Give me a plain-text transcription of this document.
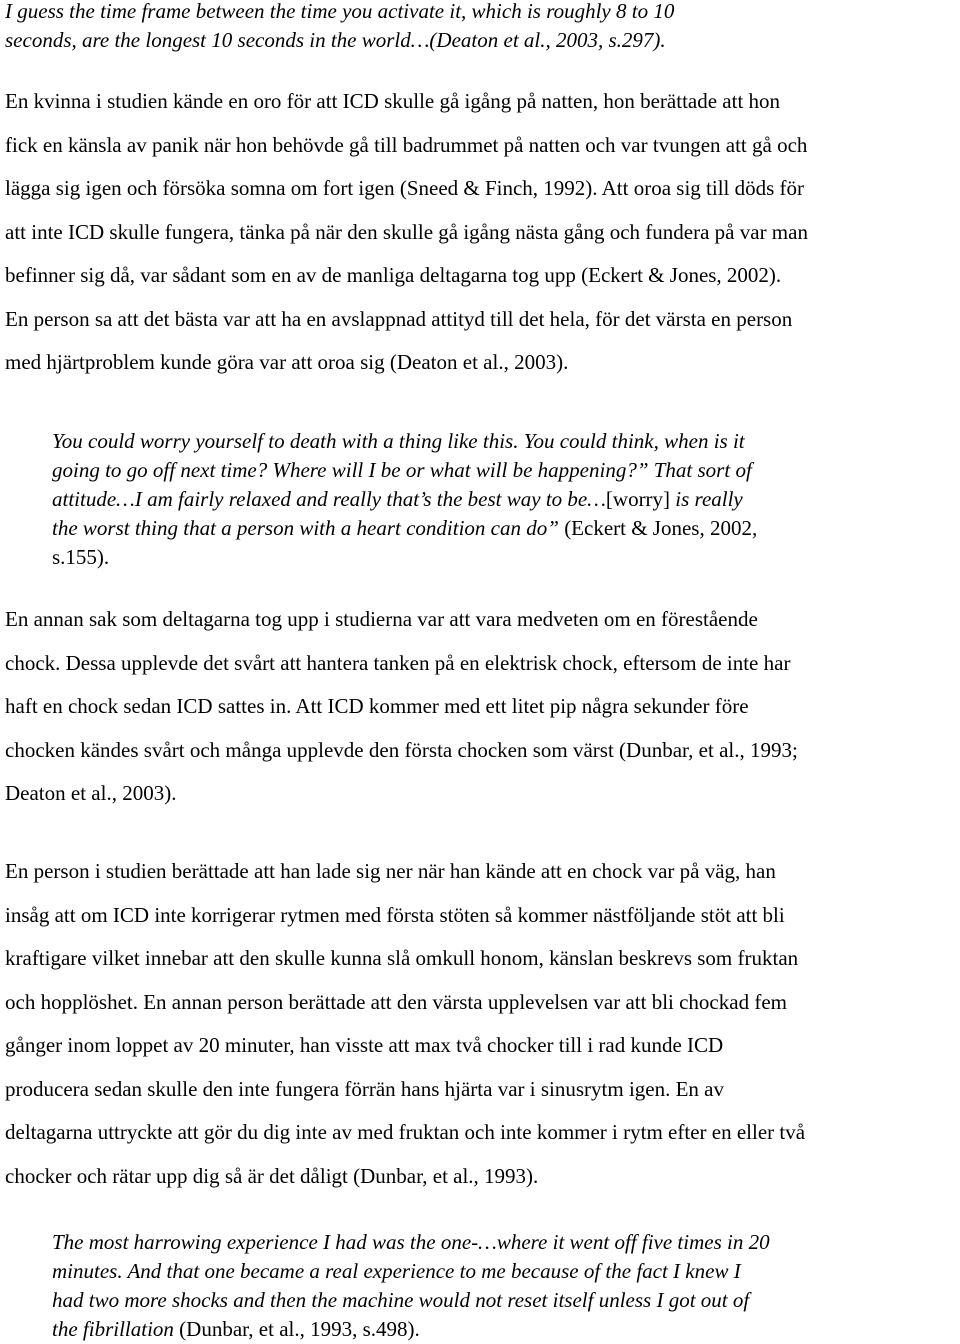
I guess the time frame between the time you activate it, which is roughly 8 to 10
seconds, are the longest 10 seconds in the world…(Deaton et al., 2003, s.297).

En kvinna i studien kände en oro för att ICD skulle gå igång på natten, hon berättade att hon
fick en känsla av panik när hon behövde gå till badrummet på natten och var tvungen att gå och
lägga sig igen och försöka somna om fort igen (Sneed & Finch, 1992). Att oroa sig till döds för
att inte ICD skulle fungera, tänka på när den skulle gå igång nästa gång och fundera på var man
befinner sig då, var sådant som en av de manliga deltagarna tog upp (Eckert & Jones, 2002).
En person sa att det bästa var att ha en avslappnad attityd till det hela, för det värsta en person
med hjärtproblem kunde göra var att oroa sig (Deaton et al., 2003).

You could worry yourself to death with a thing like this. You could think, when is it
going to go off next time? Where will I be or what will be happening?” That sort of
attitude…I am fairly relaxed and really that’s the best way to be…[worry] is really
the worst thing that a person with a heart condition can do” (Eckert & Jones, 2002,
s.155).

En annan sak som deltagarna tog upp i studierna var att vara medveten om en förestående
chock. Dessa upplevde det svårt att hantera tanken på en elektrisk chock, eftersom de inte har
haft en chock sedan ICD sattes in. Att ICD kommer med ett litet pip några sekunder före
chocken kändes svårt och många upplevde den första chocken som värst (Dunbar, et al., 1993;
Deaton et al., 2003).

En person i studien berättade att han lade sig ner när han kände att en chock var på väg, han
insåg att om ICD inte korrigerar rytmen med första stöten så kommer nästföljande stöt att bli
kraftigare vilket innebar att den skulle kunna slå omkull honom, känslan beskrevs som fruktan
och hopplöshet. En annan person berättade att den värsta upplevelsen var att bli chockad fem
gånger inom loppet av 20 minuter, han visste att max två chocker till i rad kunde ICD
producera sedan skulle den inte fungera förrän hans hjärta var i sinusrytm igen. En av
deltagarna uttryckte att gör du dig inte av med fruktan och inte kommer i rytm efter en eller två
chocker och rätar upp dig så är det dåligt (Dunbar, et al., 1993).

The most harrowing experience I had was the one-…where it went off five times in 20
minutes. And that one became a real experience to me because of the fact I knew I
had two more shocks and then the machine would not reset itself unless I got out of
the fibrillation (Dunbar, et al., 1993, s.498).
